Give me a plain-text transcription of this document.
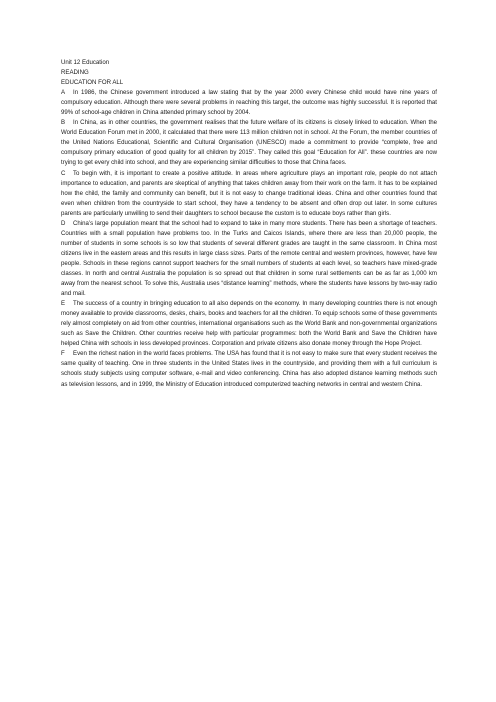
Unit 12 Education
READING
EDUCATION FOR ALL
A In 1986, the Chinese government introduced a law stating that by the year 2000 every Chinese child would have nine years of compulsory education. Although there were several problems in reaching this target, the outcome was highly successful. It is reported that 99% of school-age children in China attended primary school by 2004.
B In China, as in other countries, the government realises that the future welfare of its citizens is closely linked to education. When the World Education Forum met in 2000, it calculated that there were 113 million children not in school. At the Forum, the member countries of the United Nations Educational, Scientific and Cultural Organisation (UNESCO) made a commitment to provide “complete, free and compulsory primary education of good quality for all children by 2015”. They called this goal “Education for All”. these countries are now trying to get every child into school, and they are experiencing similar difficulties to those that China faces.
C To begin with, it is important to create a positive attitude. In areas where agriculture plays an important role, people do not attach importance to education, and parents are skeptical of anything that takes children away from their work on the farm. It has to be explained how the child, the family and community can benefit, but it is not easy to change traditional ideas. China and other countries found that even when children from the countryside to start school, they have a tendency to be absent and often drop out later. In some cultures parents are particularly unwilling to send their daughters to school because the custom is to educate boys rather than girls.
D China’s large population meant that the school had to expand to take in many more students. There has been a shortage of teachers. Countries with a small population have problems too. In the Turks and Caicos Islands, where there are less than 20,000 people, the number of students in some schools is so low that students of several different grades are taught in the same classroom. In China most citizens live in the eastern areas and this results in large class sizes. Parts of the remote central and western provinces, however, have few people. Schools in these regions cannot support teachers for the small numbers of students at each level, so teachers have mixed-grade classes. In north and central Australia the population is so spread out that children in some rural settlements can be as far as 1,000 km away from the nearest school. To solve this, Australia uses “distance learning” methods, where the students have lessons by two-way radio and mail.
E The success of a country in bringing education to all also depends on the economy. In many developing countries there is not enough money available to provide classrooms, desks, chairs, books and teachers for all the children. To equip schools some of these governments rely almost completely on aid from other countries, international organisations such as the World Bank and non-governmental organizations such as Save the Children. Other countries receive help with particular programmes: both the World Bank and Save the Children have helped China with schools in less developed provinces. Corporation and private citizens also donate money through the Hope Project.
F Even the richest nation in the world faces problems. The USA has found that it is not easy to make sure that every student receives the same quality of teaching. One in three students in the United States lives in the countryside, and providing them with a full curriculum is schools study subjects using computer software, e-mail and video conferencing. China has also adopted distance learning methods such as television lessons, and in 1999, the Ministry of Education introduced computerized teaching networks in central and western China.
